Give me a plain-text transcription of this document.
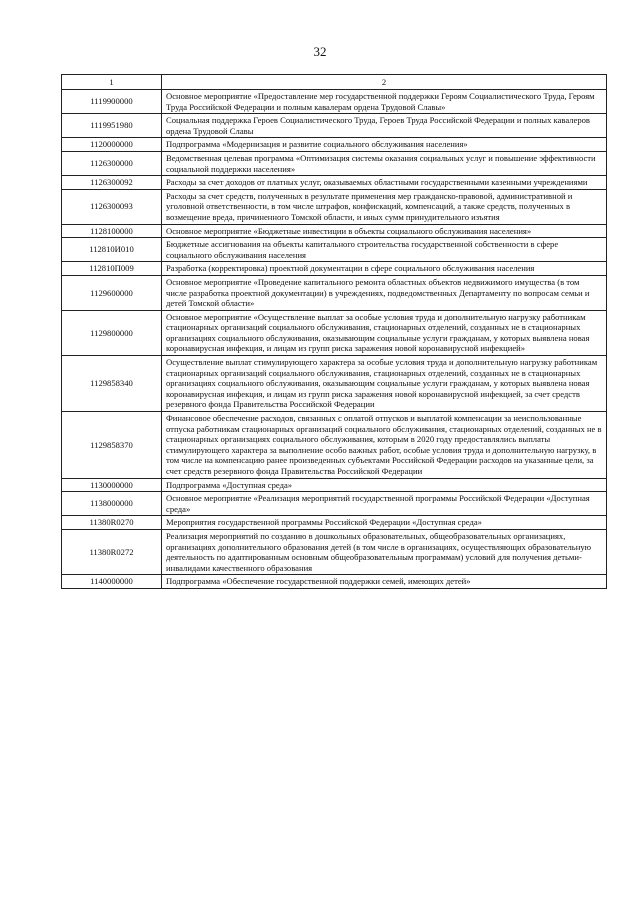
32
1	2
1119900000	Основное мероприятие «Предоставление мер государственной поддержки Героям Социалистического Труда, Героям Труда Российской Федерации и полным кавалерам ордена Трудовой Славы»
1119951980	Социальная поддержка Героев Социалистического Труда, Героев Труда Российской Федерации и полных кавалеров ордена Трудовой Славы
1120000000	Подпрограмма «Модернизация и развитие социального обслуживания населения»
1126300000	Ведомственная целевая программа «Оптимизация системы оказания социальных услуг и повышение эффективности социальной поддержки населения»
1126300092	Расходы за счет доходов от платных услуг, оказываемых областными государственными казенными учреждениями
1126300093	Расходы за счет средств, полученных в результате применения мер гражданско-правовой, административной и уголовной ответственности, в том числе штрафов, конфискаций, компенсаций, а также средств, полученных в возмещение вреда, причиненного Томской области, и иных сумм принудительного изъятия
1128100000	Основное мероприятие «Бюджетные инвестиции в объекты социального обслуживания населения»
112810И010	Бюджетные ассигнования на объекты капитального строительства государственной собственности в сфере социального обслуживания населения
112810П009	Разработка (корректировка) проектной документации в сфере социального обслуживания населения
1129600000	Основное мероприятие «Проведение капитального ремонта областных объектов недвижимого имущества (в том числе разработка проектной документации) в учреждениях, подведомственных Департаменту по вопросам семьи и детей Томской области»
1129800000	Основное мероприятие «Осуществление выплат за особые условия труда и дополнительную нагрузку работникам стационарных организаций социального обслуживания, стационарных отделений, созданных не в стационарных организациях социального обслуживания, оказывающим социальные услуги гражданам, у которых выявлена новая коронавирусная инфекция, и лицам из групп риска заражения новой коронавирусной инфекцией»
1129858340	Осуществление выплат стимулирующего характера за особые условия труда и дополнительную нагрузку работникам стационарных организаций социального обслуживания, стационарных отделений, созданных не в стационарных организациях социального обслуживания, оказывающим социальные услуги гражданам, у которых выявлена новая коронавирусная инфекция, и лицам из групп риска заражения новой коронавирусной инфекцией, за счет средств резервного фонда Правительства Российской Федерации
1129858370	Финансовое обеспечение расходов, связанных с оплатой отпусков и выплатой компенсации за неиспользованные отпуска работникам стационарных организаций социального обслуживания, стационарных отделений, созданных не в стационарных организациях социального обслуживания, которым в 2020 году предоставлялись выплаты стимулирующего характера за выполнение особо важных работ, особые условия труда и дополнительную нагрузку, в том числе на компенсацию ранее произведенных субъектами Российской Федерации расходов на указанные цели, за счет средств резервного фонда Правительства Российской Федерации
1130000000	Подпрограмма «Доступная среда»
1138000000	Основное мероприятие «Реализация мероприятий государственной программы Российской Федерации «Доступная среда»
11380R0270	Мероприятия государственной программы Российской Федерации «Доступная среда»
11380R0272	Реализация мероприятий по созданию в дошкольных образовательных, общеобразовательных организациях, организациях дополнительного образования детей (в том числе в организациях, осуществляющих образовательную деятельность по адаптированным основным общеобразовательным программам) условий для получения детьми-инвалидами качественного образования
1140000000	Подпрограмма «Обеспечение государственной поддержки семей, имеющих детей»
